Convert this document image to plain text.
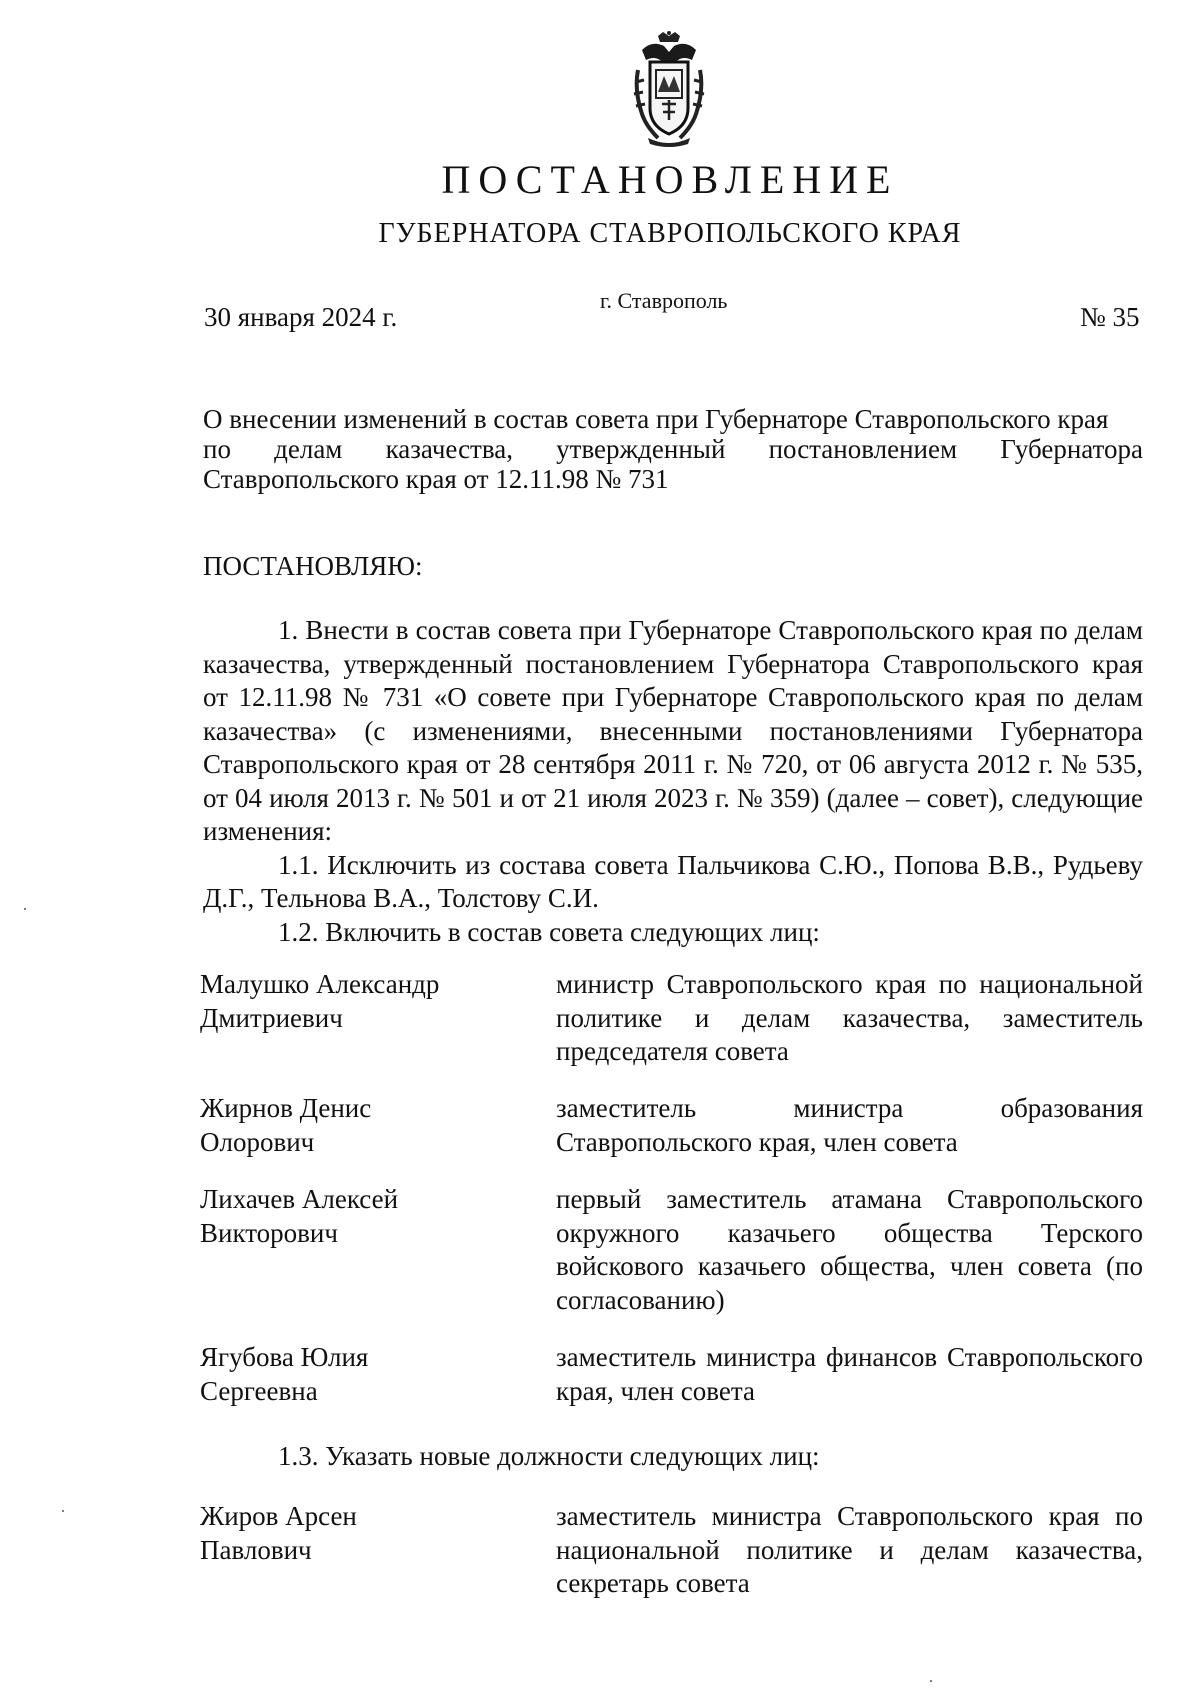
ПОСТАНОВЛЕНИЕ
ГУБЕРНАТОРА СТАВРОПОЛЬСКОГО КРАЯ
30 января 2024 г.
г. Ставрополь
№ 35
О внесении изменений в состав совета при Губернаторе Ставропольского края
по делам казачества, утвержденный постановлением Губернатора
Ставропольского края от 12.11.98 № 731
ПОСТАНОВЛЯЮ:

1. Внести в состав совета при Губернаторе Ставропольского края по делам казачества, утвержденный постановлением Губернатора Ставропольского края от 12.11.98 № 731 «О совете при Губернаторе Ставропольского края по делам казачества» (с изменениями, внесенными постановлениями Губернатора Ставропольского края от 28 сентября 2011 г. № 720, от 06 августа 2012 г. № 535, от 04 июля 2013 г. № 501 и от 21 июля 2023 г. № 359) (далее – совет), следующие изменения:

1.1. Исключить из состава совета Пальчикова С.Ю., Попова В.В., Рудьеву Д.Г., Тельнова В.А., Толстову С.И.

1.2. Включить в состав совета следующих лиц:

Малушко Александр
Дмитриевич
министр Ставропольского края по национальной политике и делам казачества, заместитель председателя совета
Жирнов Денис
Олорович
заместитель министра образования Ставропольского края, член совета
Лихачев Алексей
Викторович
первый заместитель атамана Ставропольского окружного казачьего общества Терского войскового казачьего общества, член совета (по согласованию)
Ягубова Юлия
Сергеевна
заместитель министра финансов Ставропольского края, член совета
1.3. Указать новые должности следующих лиц:
Жиров Арсен
Павлович
заместитель министра Ставропольского края по национальной политике и делам казачества, секретарь совета
